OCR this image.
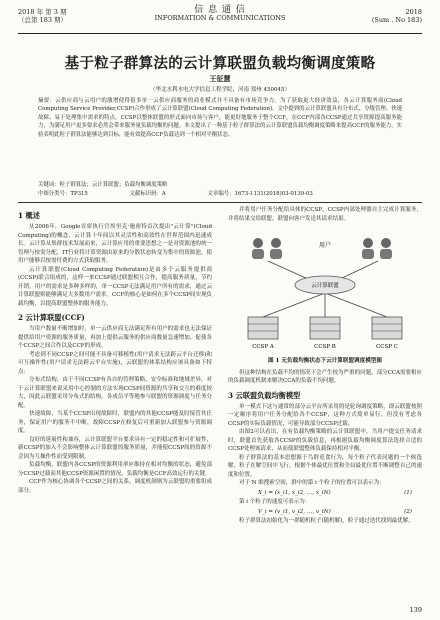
2018 年 第 3 期
（总第 183 期）
信 息 通 信
INFORMATION & COMMUNICATIONS
2018
(Sum . No 183)
基于粒子群算法的云计算联盟负载均衡调度策略
王征慧
（华北水利水电大学信息工程学院，河南 郑州 450045）
摘要：云供应商与云用户的激增使得很多单一云供应商服务的商业模式并不具备有市场竞争力。为了获取更大经济效益，各云计算服务商(Cloud Computing Service Provider,CCSP)合作形成了云计算联盟(Cloud Computing Federation)。文中提到的云计算联盟具有分布式、分级管理、快速故障、易于处理集中需求的特点。CCSP以整体联盟的形式面向市场与客户，能更好地服务于整个CCF，在CCF内部各CCSP通过共享资源提高服务能力，为满足用户更多要求必然会带来服务量负载均衡的问题。本文提出了一种基于粒子群算法的云计算联盟负载均衡调度策略来提高CCF的服务能力，实验表明此粒子群算法能够达到目标，能有效提高CCF负载达到一个相对平衡状态。
关键词：粒子群算法；云计算联盟；负载均衡调度策略
中图分类号：TP315	文献标识码：A	文章编号：1673-1131(2018)03-0139-03
1 概述

从2006年，Google首席执行官埃里克·施密特首次提出"云计算"(Cloud Computing)的概念，云计算十年间以其灵活性和高效性在世界范围内迅速成长。云计算从集群技术发展而来，云计算应用的重要思想之一是对资源池的统一管理与按需分配，IT行业将计算资源由原来的分散状态转变为集中的资源池，使用户能够以按需付费的方式获取服务。

云计算联盟(Cloud Computing Federation)是由多个云服务提供商(CCSP)联合组成的，这样一来CCSP通过联盟相互合作，提高服务质量，节约开销。用户的需求是多种多样的，单一CCSP无法满足用户所有的需求，通过云计算联盟则能够满足大多数用户需求。CCF的核心是如何在多个CCSP间实现负载均衡，以提高联盟整体的服务能力。

2 云计算联盟(CCF)

当用户数量不断增加时，单一云供应商无法满足所有用户的需求也无法保证提供给用户资源的服务质量，再加上提供云服务的供应商数量急速增加，促使各个CCSP之间合作以及CCF的形成。

考虑到不同CCSP之间可能不具备可移植性(用户请求无法跨云平台迁移)和可互操作性(用户请求无法跨云平台实施)，云联盟的体系结构应该具备如下特点：

分布式结构，由于不同CCSP有各自的管理策略、安全标准和地域差异，对于云计算联盟来说采用中心控制的方法实现CCSP间资源的共享和交互的难度较大，因此云联盟采用分布式的结构，各成员平等地参与联盟的资源调度与任务分配。

快速故障，当某个CCSP出现故障时，联盟内的其他CCSP能及时接管其任务，保证用户的服务不中断，故障CCSP在修复后可重新加入联盟参与资源调度。

良好的延展性和兼容，云计算联盟平台要求具有一定的稳定性和可扩展性，新CCSP的加入不会影响整体云计算联盟的服务质量，并能使CCSP间的资源不会因为互操作性而受到限制。

负载均衡，联盟内各CCSP的资源利用率应维持在相对均衡的状态，避免部分CCSP过载而其他CCSP资源闲置的情况，负载均衡是CCF高效运行的关键。

CCF作为核心协调各个CCSP之间的关系，调度机制则为云联盟的重要组成部分。

并将用户任务分配给具体的CCSP，CCSP内部处理器自主完成计算服务，并将结果交给联盟，联盟向客户发送其请求结果。

用户
云计算联盟
CCSP A	CCSP B	CCSP C
图 1 无负载均衡状态下云计算联盟调度模型图

但这种结构在负载不均的情况下会产生较为严重的问题，部分CCA需要相应的负载调度机制来解决CCA的负载不均问题。

3 云联盟负载均衡模型

单一模式下这与通常的部分云平台所采用的是轮询调度策略，即云联盟按照一定顺序将用户任务分配给各个CCSP，这种方式简单易行，但没有考虑各CCSP的实际负载情况，可能导致部分CCSP过载。

由图2可以看出，在有负载均衡策略的云计算联盟中，当用户提交任务请求时，联盟首先获取各CCSP的负载信息，再根据负载均衡调度算法选择合适的CCSP处理该请求，从而使联盟整体负载保持相对平衡。

粒子群算法的基本思想源于鸟群觅食行为，每个粒子代表问题的一个候选解，粒子在解空间中飞行，根据个体最优位置和全局最优位置不断调整自己的速度和位置。

对于 N 维搜索空间，群中的第 i 个粒子的位置可以表示为：

X_i = (x_i1, x_i2, …, x_iN)	(1)

第 i 个粒子的速度可表示为：

V_i = (v_i1, v_i2, …, v_iN)	(2)

粒子群算法初始化为一群随机粒子(随机解)，粒子通过迭代找到最优解。

139
